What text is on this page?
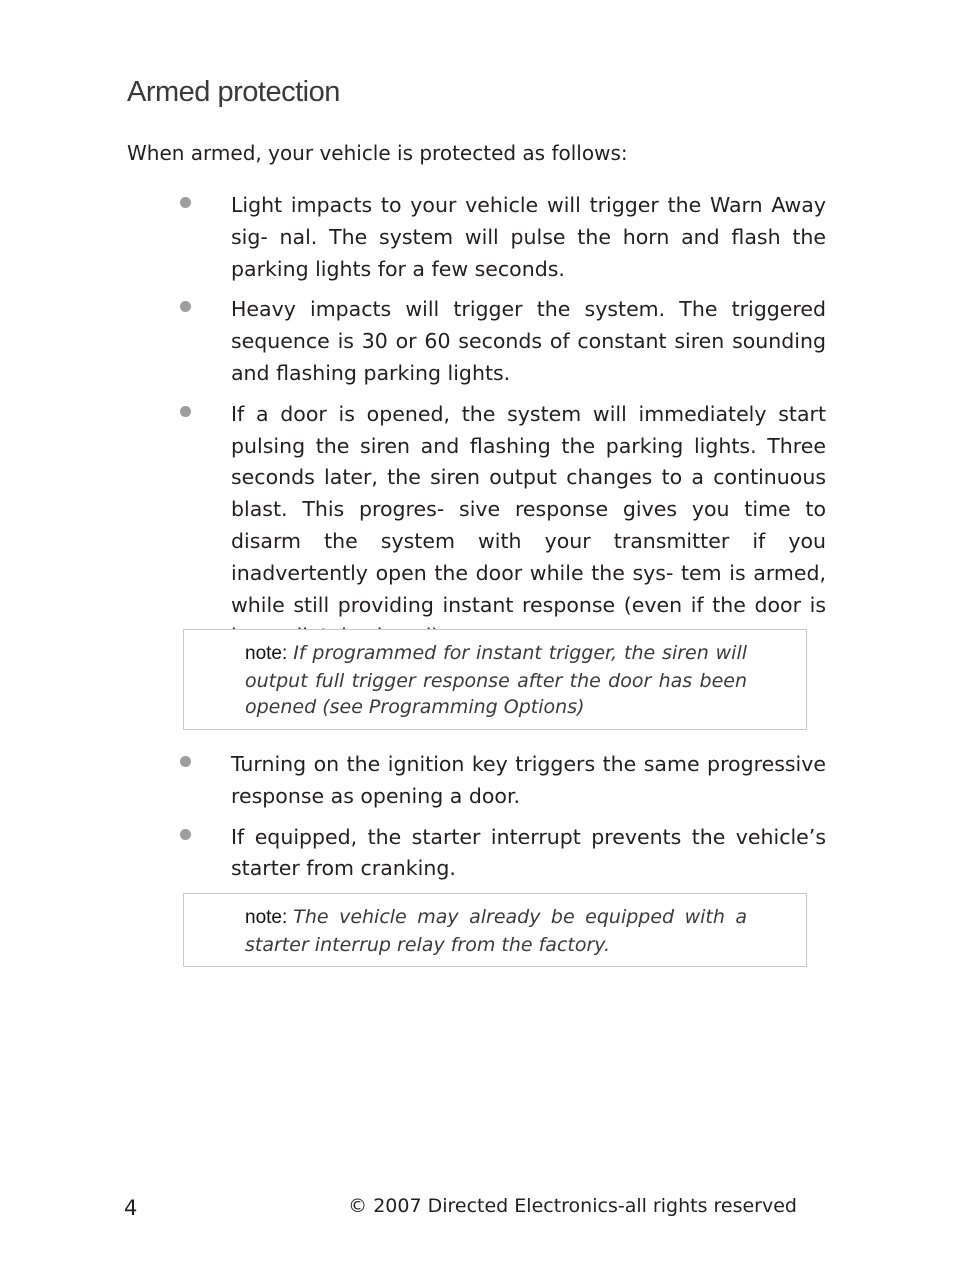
Armed protection

When armed, your vehicle is protected as follows:

Light impacts to your vehicle will trigger the Warn Away sig- nal. The system will pulse the horn and flash the parking lights for a few seconds.
Heavy impacts will trigger the system. The triggered sequence is 30 or 60 seconds of constant siren sounding and flashing parking lights.
If a door is opened, the system will immediately start pulsing the siren and flashing the parking lights. Three seconds later, the siren output changes to a continuous blast. This progres- sive response gives you time to disarm the system with your transmitter if you inadvertently open the door while the sys- tem is armed, while still providing instant response (even if the door is

note: If programmed for instant trigger, the siren will output full trigger response after the door has been opened (see Programming Options)

Turning on the ignition key triggers the same progressive response as opening a door.
If equipped, the starter interrupt prevents the vehicle’s starter from cranking.

note: The vehicle may already be equipped with a starter interrup relay from the factory.

4	© 2007 Directed Electronics-all rights reserved
